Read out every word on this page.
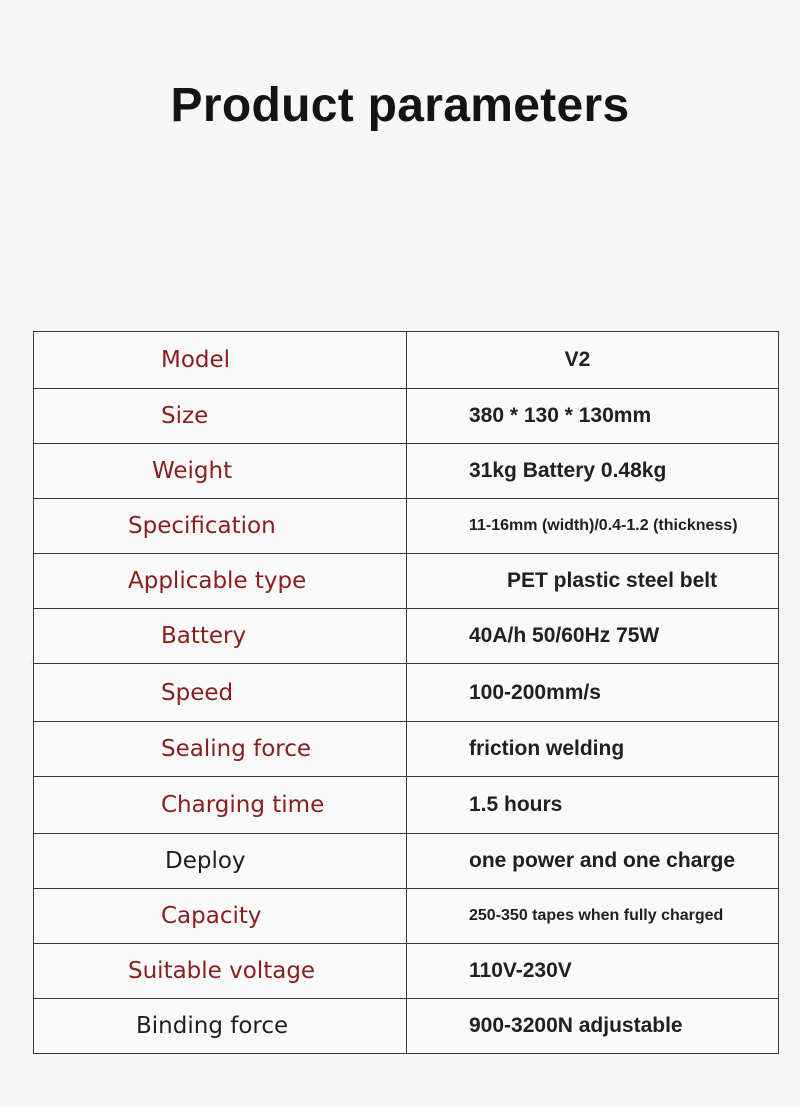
Product parameters
Model	V2
Size	380 * 130 * 130mm
Weight	31kg Battery 0.48kg
Specification	11-16mm (width)/0.4-1.2 (thickness)
Applicable type	PET plastic steel belt
Battery	40A/h 50/60Hz 75W
Speed	100-200mm/s
Sealing force	friction welding
Charging time	1.5 hours
Deploy	one power and one charge
Capacity	250-350 tapes when fully charged
Suitable voltage	110V-230V
Binding force	900-3200N adjustable
